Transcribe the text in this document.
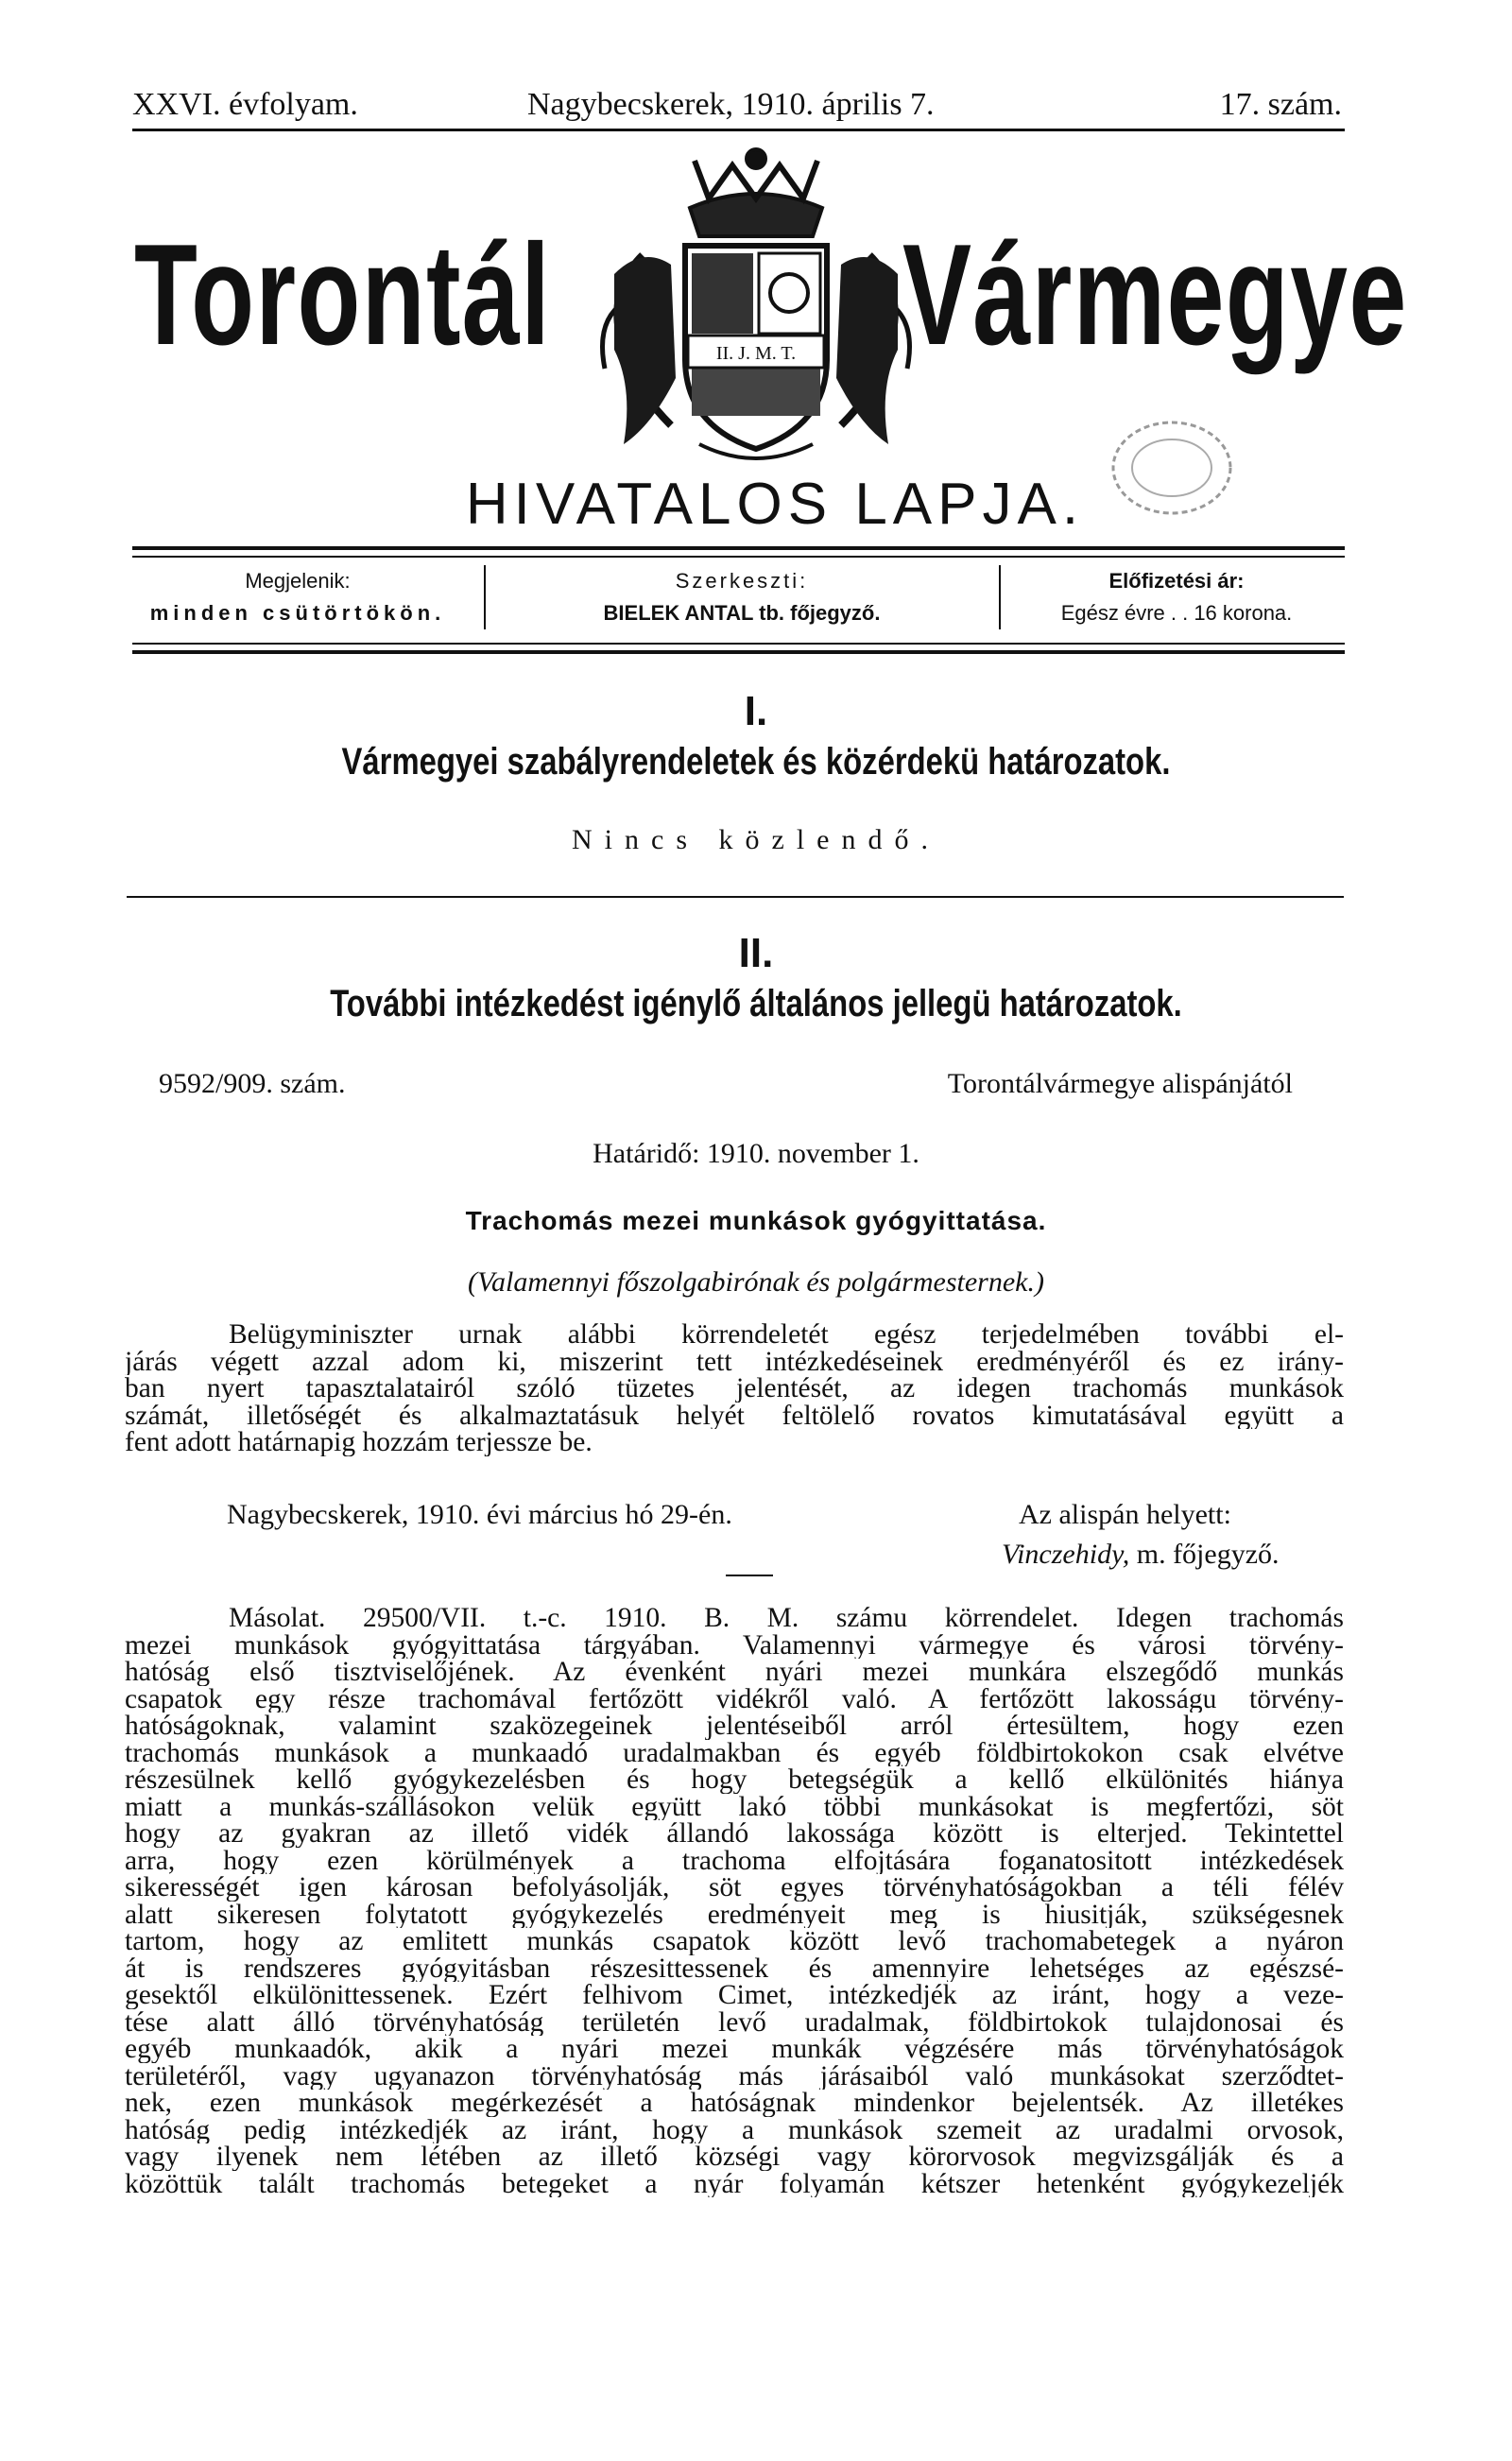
XXVI. évfolyam.	Nagybecskerek, 1910. április 7.	17. szám.
Torontál Vármegye
II. J. M. T.
HIVATALOS LAPJA.
Megjelenik:
minden csütörtökön.
Szerkeszti:
BIELEK ANTAL tb. főjegyző.
Előfizetési ár:
Egész évre . . 16 korona.
I.
Vármegyei szabályrendeletek és közérdekü határozatok.
Nincs közlendő.
II.
További intézkedést igénylő általános jellegü határozatok.
9592/909. szám.	Torontálvármegye alispánjától
Határidő: 1910. november 1.
Trachomás mezei munkások gyógyittatása.
(Valamennyi főszolgabirónak és polgármesternek.)
Belügyminiszter urnak alábbi körrendeletét egész terjedelmében további el-
járás végett azzal adom ki, miszerint tett intézkedéseinek eredményéről és ez irány-
ban nyert tapasztalatairól szóló tüzetes jelentését, az idegen trachomás munkások
számát, illetőségét és alkalmaztatásuk helyét feltölelő rovatos kimutatásával együtt a
fent adott határnapig hozzám terjessze be.
Nagybecskerek, 1910. évi március hó 29-én.	Az alispán helyett:
Vinczehidy, m. főjegyző.
Másolat. 29500/VII. t.-c. 1910. B. M. számu körrendelet. Idegen trachomás
mezei munkások gyógyittatása tárgyában. Valamennyi vármegye és városi törvény-
hatóság első tisztviselőjének. Az évenként nyári mezei munkára elszegődő munkás
csapatok egy része trachomával fertőzött vidékről való. A fertőzött lakosságu törvény-
hatóságoknak, valamint szaközegeinek jelentéseiből arról értesültem, hogy ezen
trachomás munkások a munkaadó uradalmakban és egyéb földbirtokokon csak elvétve
részesülnek kellő gyógykezelésben és hogy betegségük a kellő elkülönités hiánya
miatt a munkás-szállásokon velük együtt lakó többi munkásokat is megfertőzi, söt
hogy az gyakran az illető vidék állandó lakossága között is elterjed. Tekintettel
arra, hogy ezen körülmények a trachoma elfojtására foganatositott intézkedések
sikerességét igen károsan befolyásolják, söt egyes törvényhatóságokban a téli félév
alatt sikeresen folytatott gyógykezelés eredményeit meg is hiusitják, szükségesnek
tartom, hogy az emlitett munkás csapatok között levő trachomabetegek a nyáron
át is rendszeres gyógyitásban részesittessenek és amennyire lehetséges az egészsé-
gesektől elkülönittessenek. Ezért felhivom Cimet, intézkedjék az iránt, hogy a veze-
tése alatt álló törvényhatóság területén levő uradalmak, földbirtokok tulajdonosai és
egyéb munkaadók, akik a nyári mezei munkák végzésére más törvényhatóságok
területéről, vagy ugyanazon törvényhatóság más járásaiból való munkásokat szerződtet-
nek, ezen munkások megérkezését a hatóságnak mindenkor bejelentsék. Az illetékes
hatóság pedig intézkedjék az iránt, hogy a munkások szemeit az uradalmi orvosok,
vagy ilyenek nem létében az illető községi vagy körorvosok megvizsgálják és a
közöttük talált trachomás betegeket a nyár folyamán kétszer hetenként gyógykezeljék
